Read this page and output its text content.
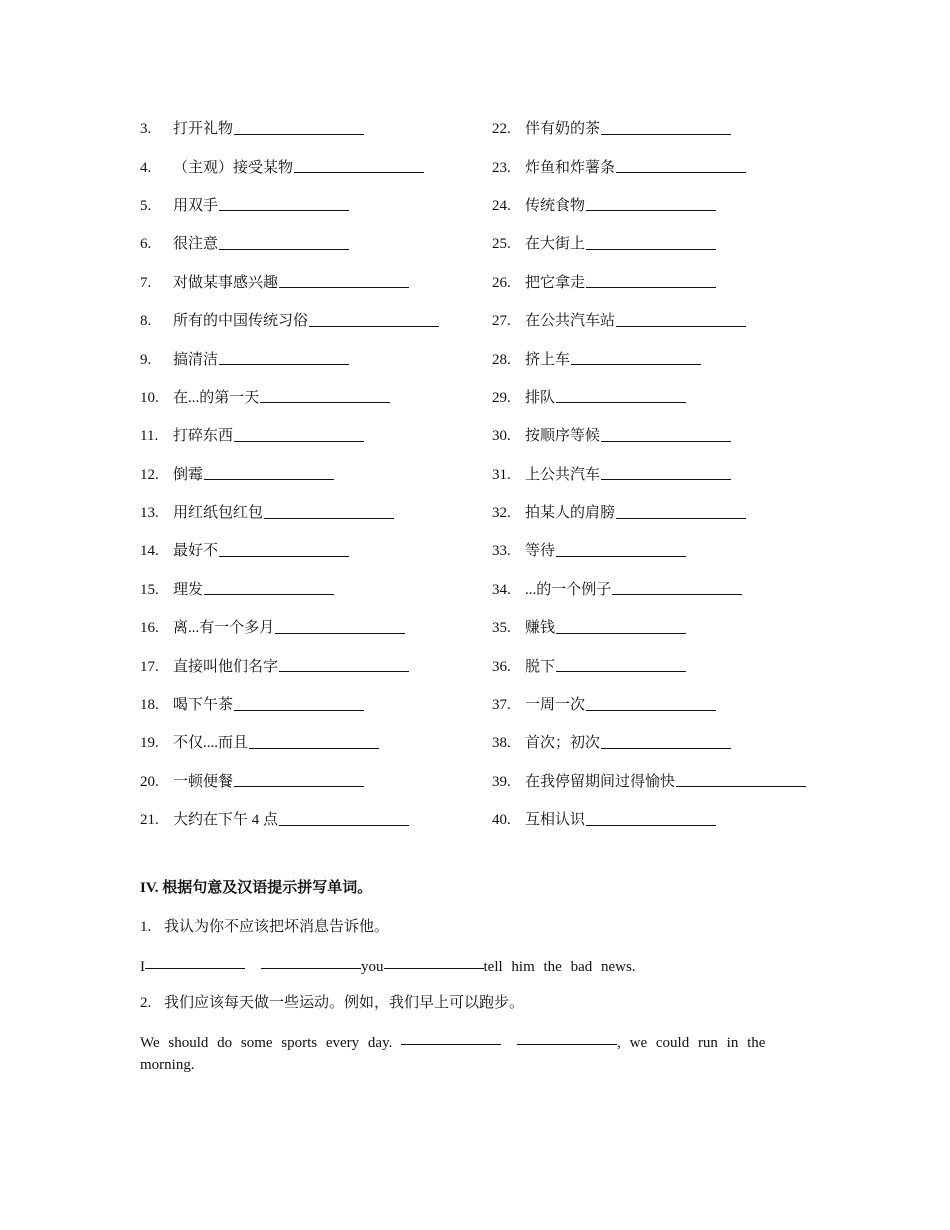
3.	打开礼物
4.	（主观）接受某物
5.	用双手
6.	很注意
7.	对做某事感兴趣
8.	所有的中国传统习俗
9.	搞清洁
10. 在...的第一天
11. 打碎东西
12. 倒霉
13. 用红纸包红包
14. 最好不
15. 理发
16. 离...有一个多月
17. 直接叫他们名字
18. 喝下午茶
19. 不仅....而且
20. 一顿便餐
21. 大约在下午 4 点
22. 伴有奶的茶
23. 炸鱼和炸薯条
24. 传统食物
25. 在大街上
26. 把它拿走
27. 在公共汽车站
28. 挤上车
29. 排队
30. 按顺序等候
31. 上公共汽车
32. 拍某人的肩膀
33. 等待
34. ...的一个例子
35. 赚钱
36. 脱下
37. 一周一次
38. 首次；初次
39. 在我停留期间过得愉快
40. 互相认识
IV. 根据句意及汉语提示拼写单词。
1. 我认为你不应该把坏消息告诉他。
I	you	tell him the bad news.
2. 我们应该每天做一些运动。例如，我们早上可以跑步。
We should do some sports every day.	, we could run in the
morning.
